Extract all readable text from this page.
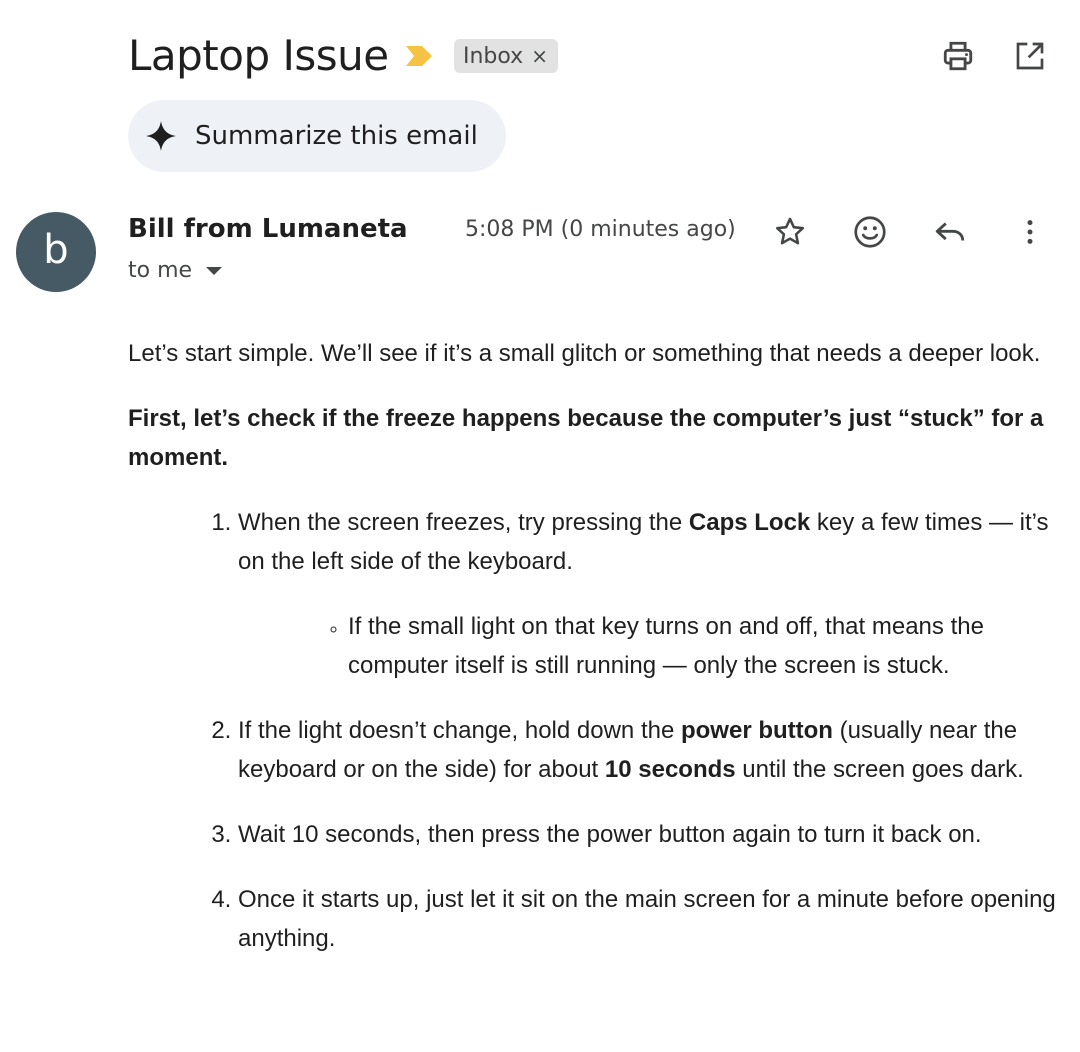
Laptop Issue	Inbox ×
Summarize this email
b Bill from Lumaneta	5:08 PM (0 minutes ago)
to me

Let’s start simple. We’ll see if it’s a small glitch or something that needs a deeper look.

First, let’s check if the freeze happens because the computer’s just “stuck” for a moment.

1. When the screen freezes, try pressing the Caps Lock key a few times — it’s on the left side of the keyboard.
◦ If the small light on that key turns on and off, that means the computer itself is still running — only the screen is stuck.
2. If the light doesn’t change, hold down the power button (usually near the keyboard or on the side) for about 10 seconds until the screen goes dark.
3. Wait 10 seconds, then press the power button again to turn it back on.
4. Once it starts up, just let it sit on the main screen for a minute before opening anything.
